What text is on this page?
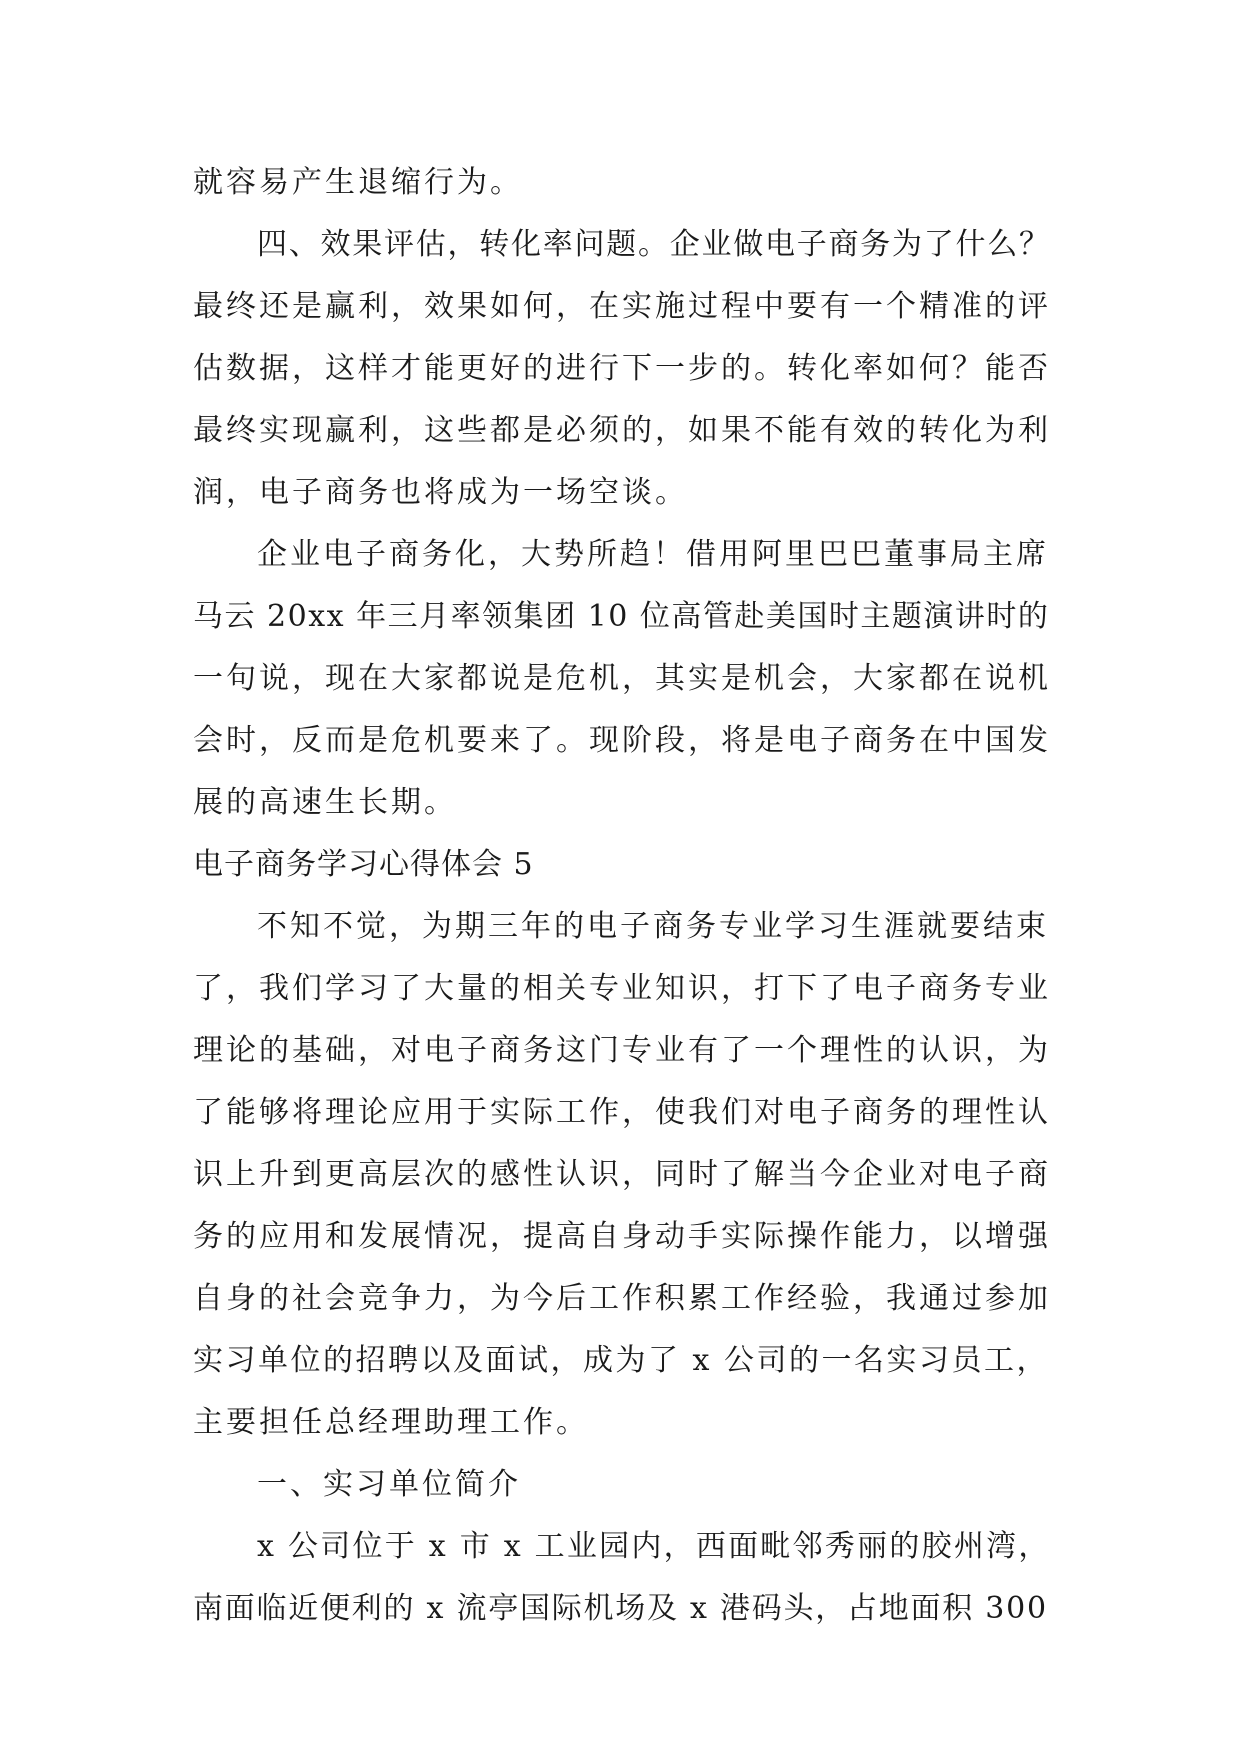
就容易产生退缩行为。
四、效果评估，转化率问题。企业做电子商务为了什么？
最终还是赢利，效果如何，在实施过程中要有一个精准的评
估数据，这样才能更好的进行下一步的。转化率如何？能否
最终实现赢利，这些都是必须的，如果不能有效的转化为利
润，电子商务也将成为一场空谈。
企业电子商务化，大势所趋！借用阿里巴巴董事局主席
马云 20xx 年三月率领集团 10 位高管赴美国时主题演讲时的
一句说，现在大家都说是危机，其实是机会，大家都在说机
会时，反而是危机要来了。现阶段，将是电子商务在中国发
展的高速生长期。
电子商务学习心得体会 5
不知不觉，为期三年的电子商务专业学习生涯就要结束
了，我们学习了大量的相关专业知识，打下了电子商务专业
理论的基础，对电子商务这门专业有了一个理性的认识，为
了能够将理论应用于实际工作，使我们对电子商务的理性认
识上升到更高层次的感性认识，同时了解当今企业对电子商
务的应用和发展情况，提高自身动手实际操作能力，以增强
自身的社会竞争力，为今后工作积累工作经验，我通过参加
实习单位的招聘以及面试，成为了 x 公司的一名实习员工，
主要担任总经理助理工作。
一、实习单位简介
x 公司位于 x 市 x 工业园内，西面毗邻秀丽的胶州湾，
南面临近便利的 x 流亭国际机场及 x 港码头，占地面积 300
